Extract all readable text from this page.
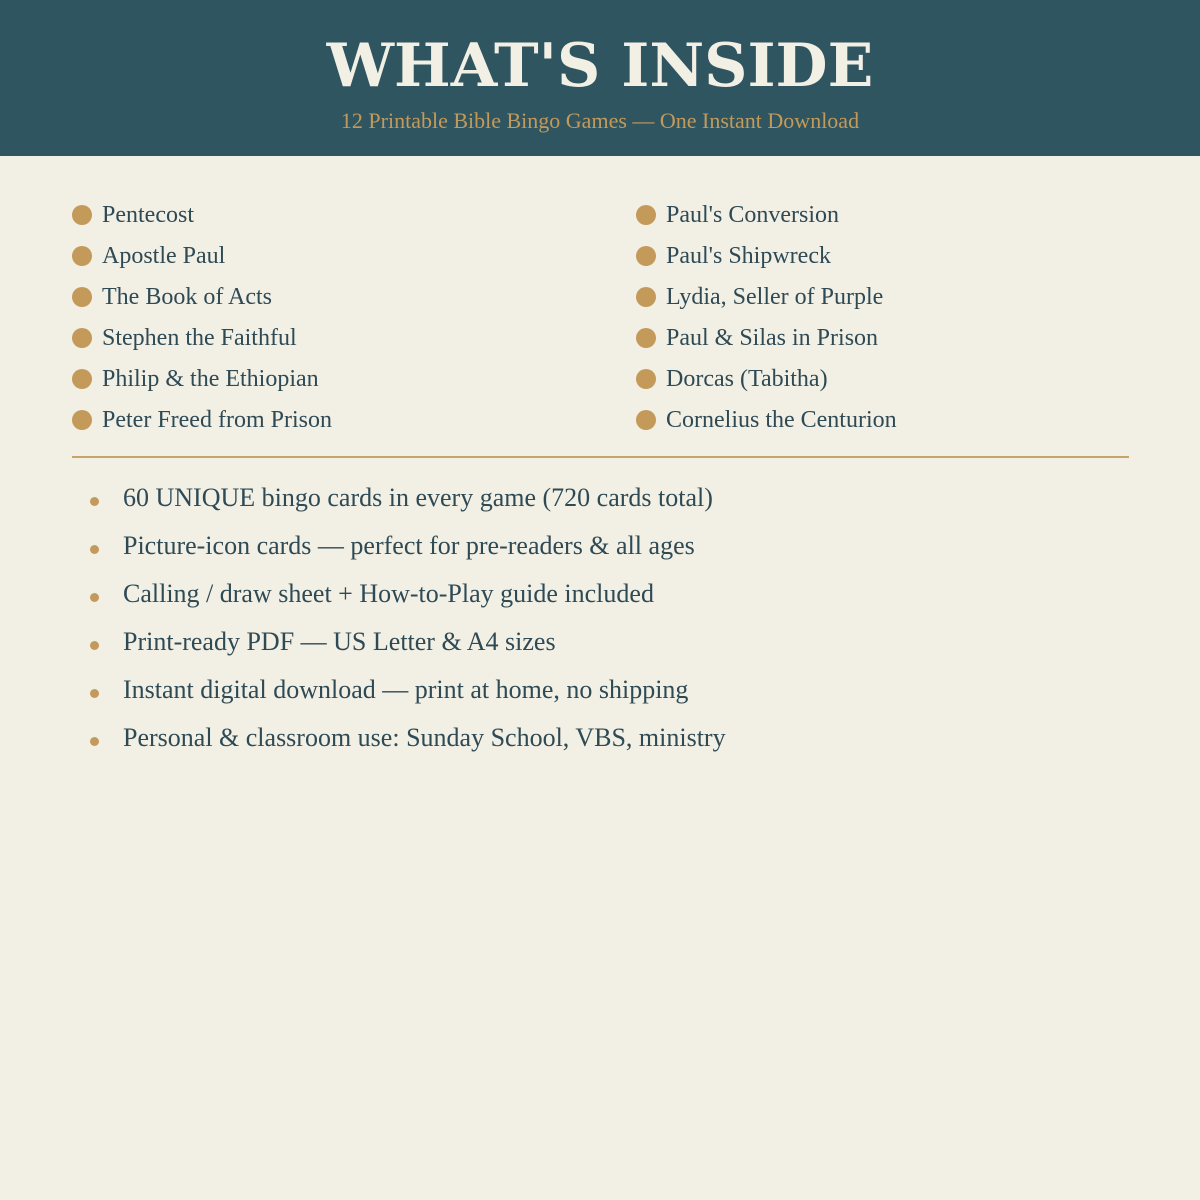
WHAT'S INSIDE
12 Printable Bible Bingo Games — One Instant Download
Pentecost
Apostle Paul
The Book of Acts
Stephen the Faithful
Philip & the Ethiopian
Peter Freed from Prison
Paul's Conversion
Paul's Shipwreck
Lydia, Seller of Purple
Paul & Silas in Prison
Dorcas (Tabitha)
Cornelius the Centurion
60 UNIQUE bingo cards in every game (720 cards total)
Picture-icon cards — perfect for pre-readers & all ages
Calling / draw sheet + How-to-Play guide included
Print-ready PDF — US Letter & A4 sizes
Instant digital download — print at home, no shipping
Personal & classroom use: Sunday School, VBS, ministry
